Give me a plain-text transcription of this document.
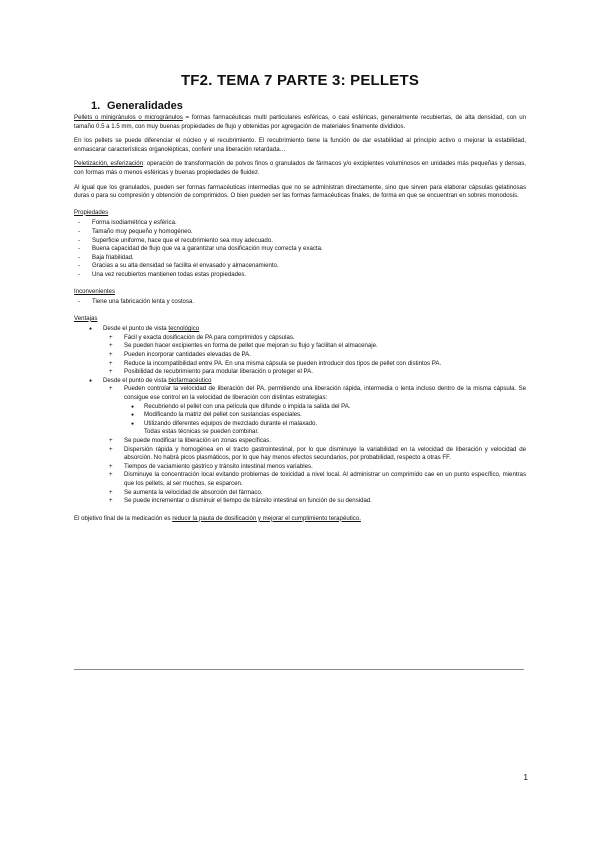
TF2. TEMA 7 PARTE 3: PELLETS
1. Generalidades

Pellets o minigránulos o microgránulos = formas farmacéuticas multi particulares esféricas, o casi esféricas, generalmente recubiertas, de alta densidad, con un tamaño 0.5 a 1.5 mm, con muy buenas propiedades de flujo y obtenidas por agregación de materiales finamente divididos.

En los pellets se puede diferenciar el núcleo y el recubrimiento. El recubrimiento tiene la función de dar estabilidad al principio activo o mejorar la estabilidad, enmascarar características organolépticas, conferir una liberación retardada…

Peletización, esferización: operación de transformación de polvos finos o granulados de fármacos y/o excipientes voluminosos en unidades más pequeñas y densas, con formas más o menos esféricas y buenas propiedades de fluidez.

Al igual que los granulados, pueden ser formas farmacéuticas intermedias que no se administran directamente, sino que sirven para elaborar cápsulas gelatinosas duras o para su compresión y obtención de comprimidos. O bien pueden ser las formas farmacéuticas finales, de forma en que se encuentran en sobres monodosis.

Propiedades
- Forma isodiamétrica y esférica.
- Tamaño muy pequeño y homogéneo.
- Superficie uniforme, hace que el recubrimiento sea muy adecuado.
- Buena capacidad de flujo que va a garantizar una dosificación muy correcta y exacta.
- Baja friabilidad.
- Gracias a su alta densidad se facilita el envasado y almacenamiento.
- Una vez recubiertos mantienen todas estas propiedades.
Inconvenientes
- Tiene una fabricación lenta y costosa.
Ventajas
● Desde el punto de vista tecnológico
+ Fácil y exacta dosificación de PA para comprimidos y cápsulas.
+ Se pueden hacer excipientes en forma de pellet que mejoran su flujo y facilitan el almacenaje.
+ Pueden incorporar cantidades elevadas de PA.
+ Reduce la incompatibilidad entre PA. En una misma cápsula se pueden introducir dos tipos de pellet con distintos PA.
+ Posibilidad de recubrimiento para modular liberación o proteger el PA.
● Desde el punto de vista biofarmacéutico
+ Pueden controlar la velocidad de liberación del PA, permitiendo una liberación rápida, intermedia o lenta incluso dentro de la misma cápsula. Se consigue ese control en la velocidad de liberación con distintas estrategias:
● Recubriendo el pellet con una película que difunde o impida la salida del PA.
● Modificando la matriz del pellet con sustancias especiales.
● Utilizando diferentes equipos de mezclado durante el malaxado.
Todas estas técnicas se pueden combinar.
+ Se puede modificar la liberación en zonas específicas.
+ Dispersión rápida y homogénea en el tracto gastrointestinal, por lo que disminuye la variabilidad en la velocidad de liberación y velocidad de absorción. No habrá picos plasmáticos, por lo que hay menos efectos secundarios, por probabilidad, respecto a otras FF.
+ Tiempos de vaciamiento gástrico y tránsito intestinal menos variables.
+ Disminuye la concentración local evitando problemas de toxicidad a nivel local. Al administrar un comprimido cae en un punto específico, mientras que los pellets, al ser muchos, se esparcen.
+ Se aumenta la velocidad de absorción del fármaco.
+ Se puede incrementar o disminuir el tiempo de tránsito intestinal en función de su densidad.

El objetivo final de la medicación es reducir la pauta de dosificación y mejorar el cumplimiento terapéutico.

1
